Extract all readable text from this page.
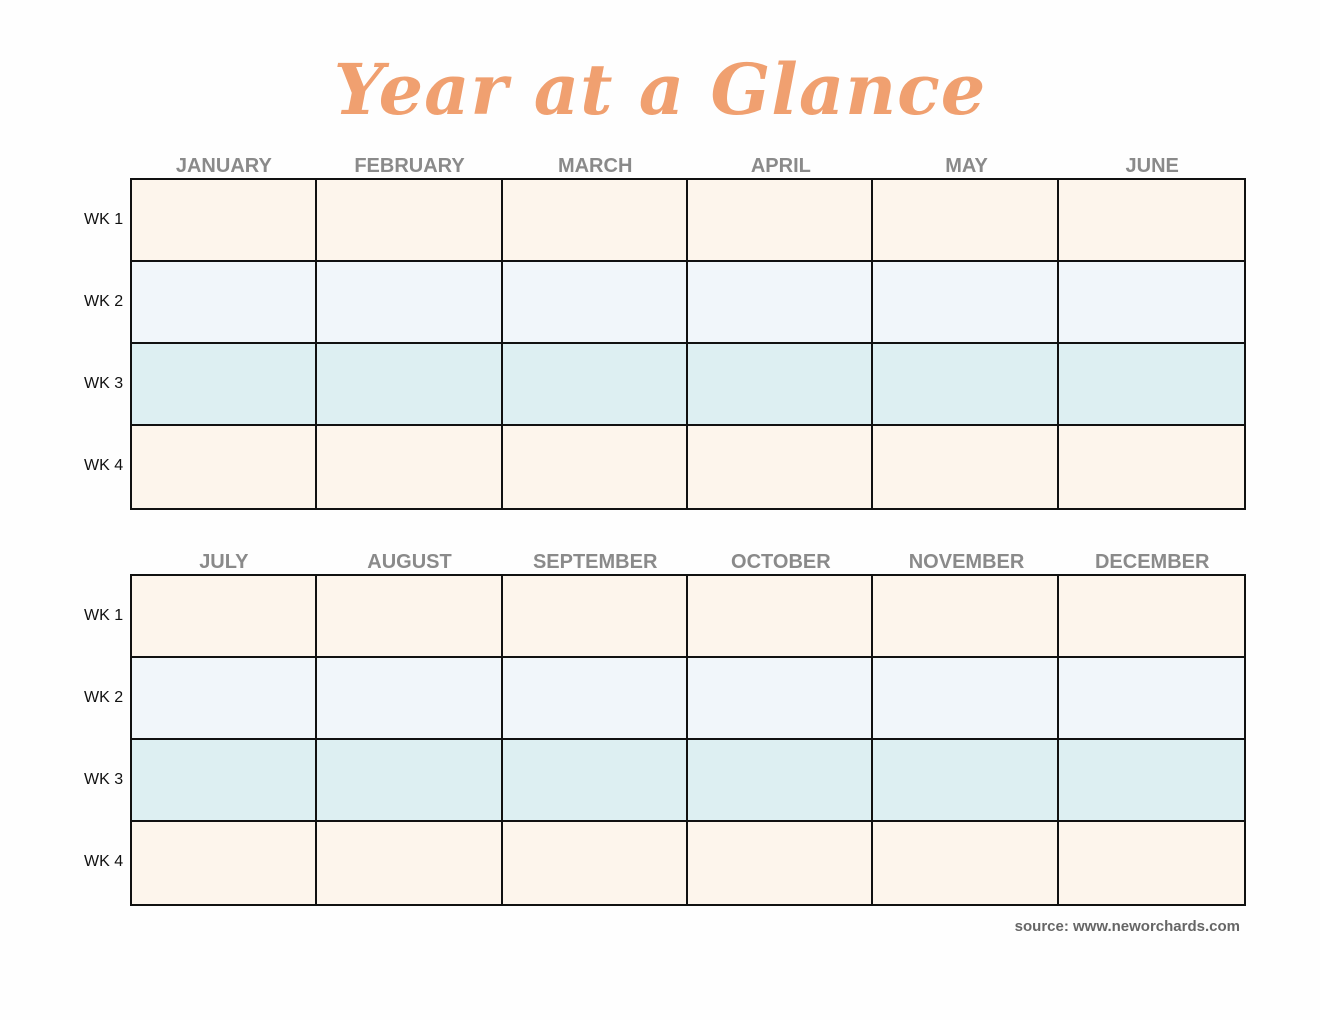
Year at a Glance
JANUARY	FEBRUARY	MARCH	APRIL	MAY	JUNE
WK 1
WK 2
WK 3
WK 4
JULY	AUGUST	SEPTEMBER	OCTOBER	NOVEMBER	DECEMBER
WK 1
WK 2
WK 3
WK 4
source: www.neworchards.com
